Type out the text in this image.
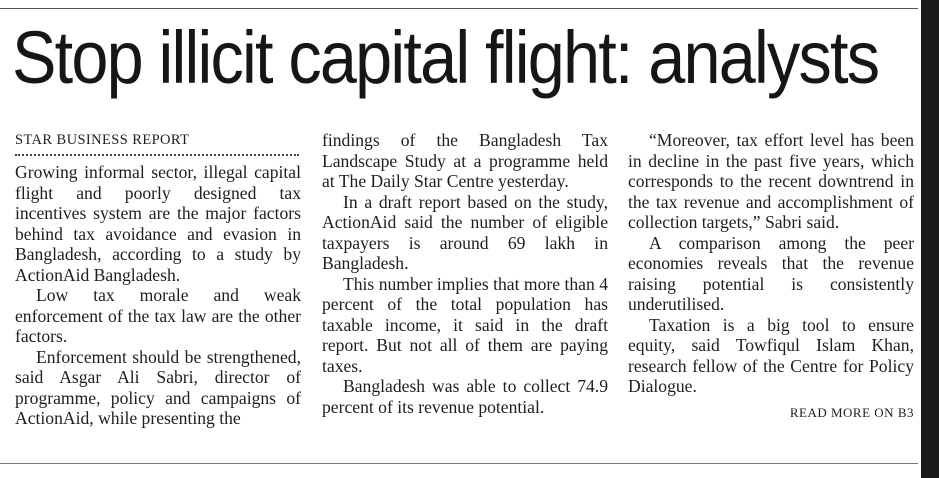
Stop illicit capital flight: analysts
STAR BUSINESS REPORT

Growing informal sector, illegal capital flight and poorly designed tax incentives system are the major factors behind tax avoidance and evasion in Bangladesh, according to a study by ActionAid Bangladesh.

Low tax morale and weak enforcement of the tax law are the other factors.

Enforcement should be strengthened, said Asgar Ali Sabri, director of programme, policy and campaigns of ActionAid, while presenting the

findings of the Bangladesh Tax Landscape Study at a programme held at The Daily Star Centre yesterday.

In a draft report based on the study, ActionAid said the number of eligible taxpayers is around 69 lakh in Bangladesh.

This number implies that more than 4 percent of the total population has taxable income, it said in the draft report. But not all of them are paying taxes.

Bangladesh was able to collect 74.9 percent of its revenue potential.

“Moreover, tax effort level has been in decline in the past five years, which corresponds to the recent downtrend in the tax revenue and accomplishment of collection targets,” Sabri said.

A comparison among the peer economies reveals that the revenue raising potential is consistently underutilised.

Taxation is a big tool to ensure equity, said Towfiqul Islam Khan, research fellow of the Centre for Policy Dialogue.

READ MORE ON B3
